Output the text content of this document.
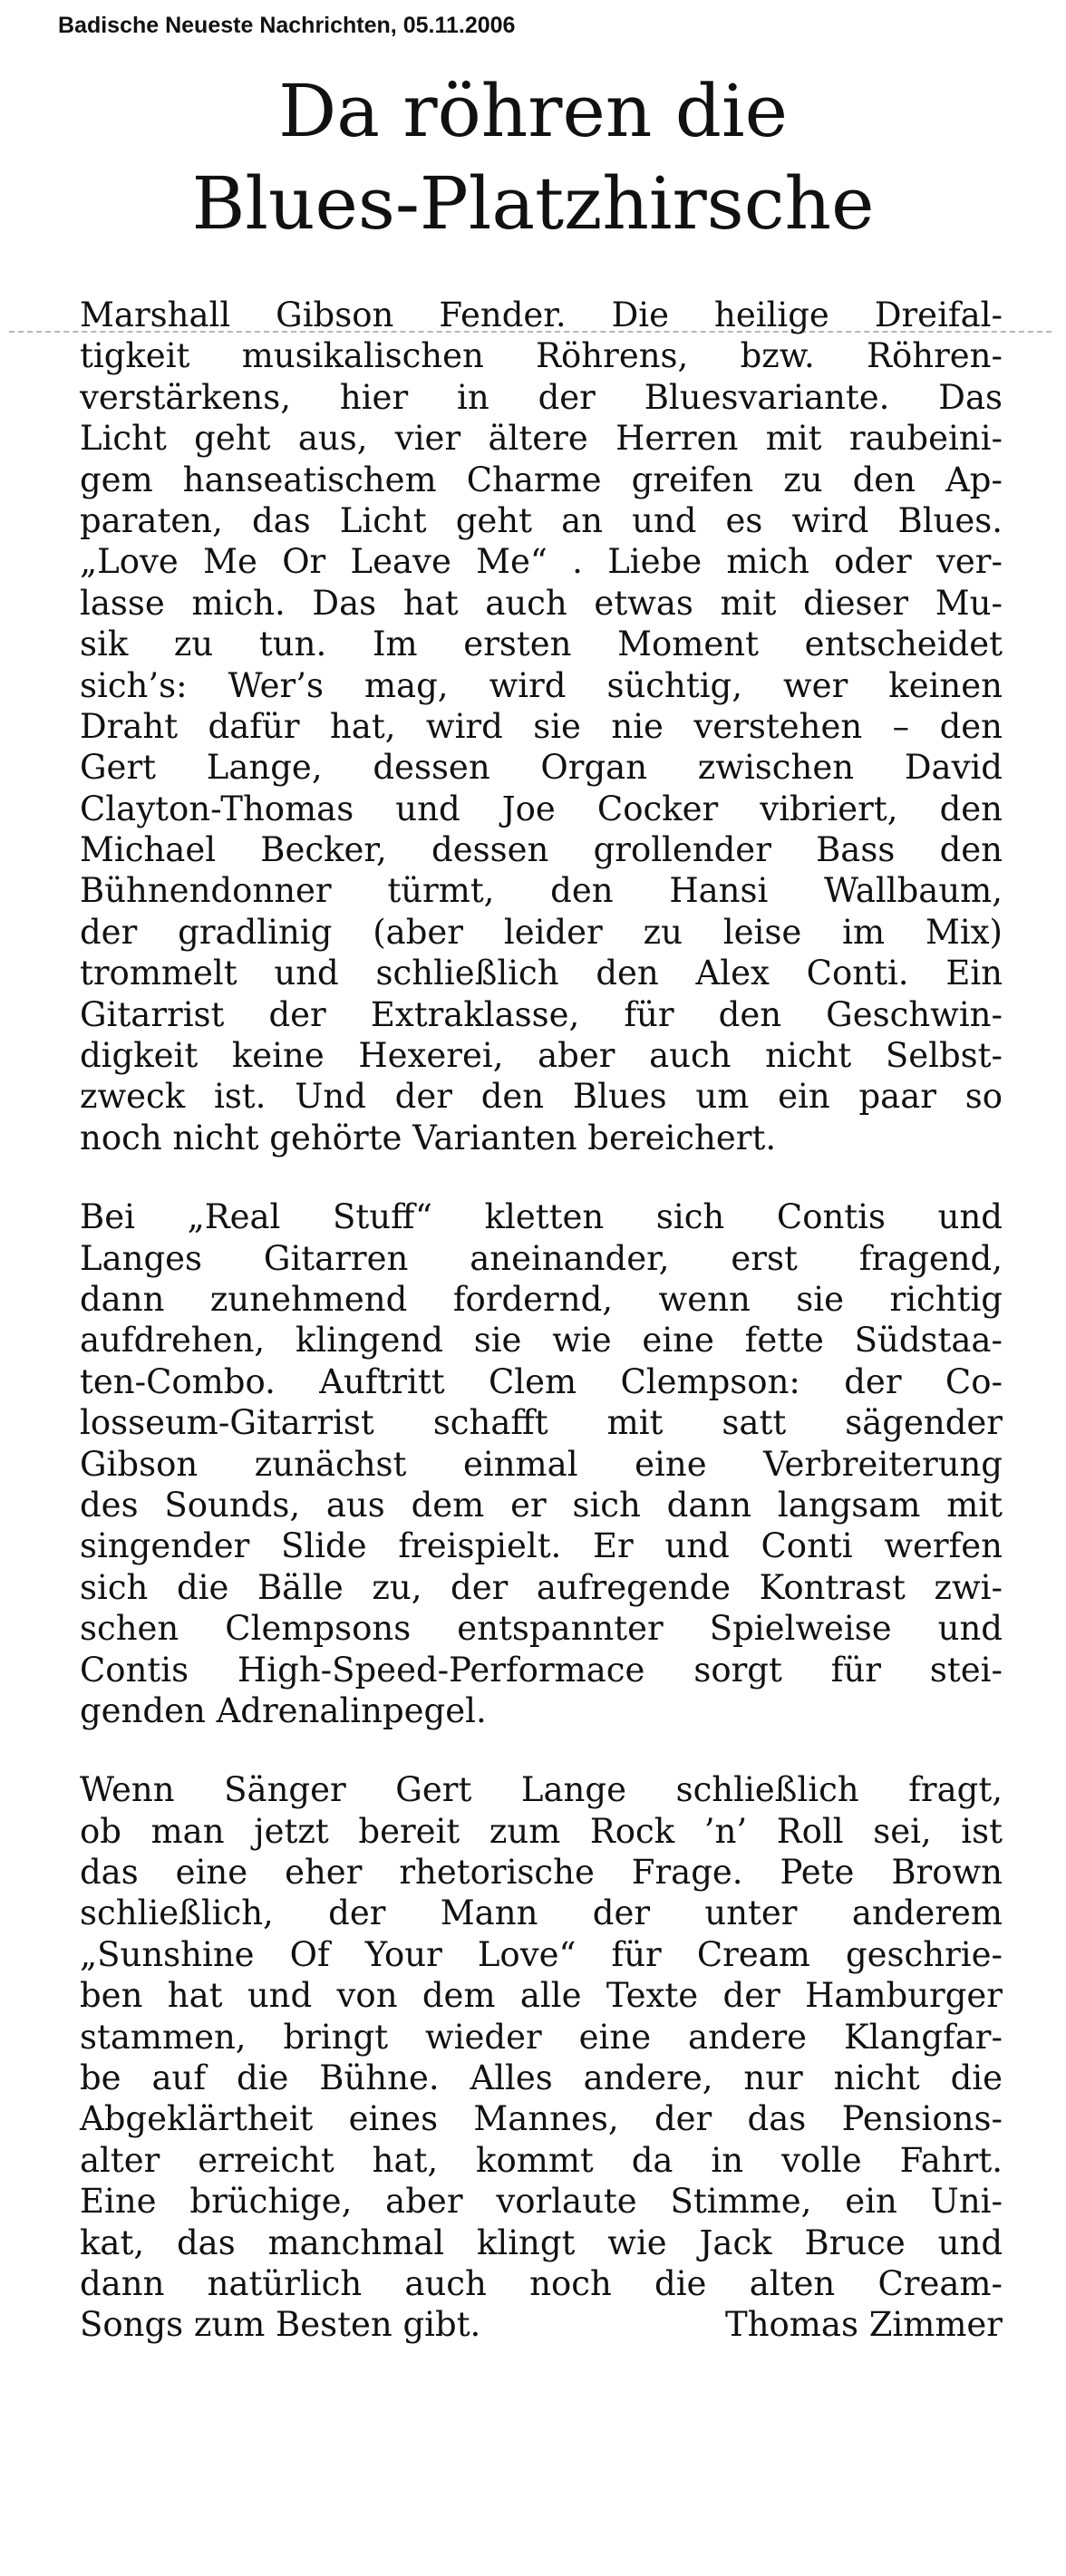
Badische Neueste Nachrichten, 05.11.2006
Da röhren die
Blues-Platzhirsche
Marshall Gibson Fender. Die heilige Dreifal-
tigkeit musikalischen Röhrens, bzw. Röhren-
verstärkens, hier in der Bluesvariante. Das
Licht geht aus, vier ältere Herren mit raubeini-
gem hanseatischem Charme greifen zu den Ap-
paraten, das Licht geht an und es wird Blues.
„Love Me Or Leave Me“ . Liebe mich oder ver-
lasse mich. Das hat auch etwas mit dieser Mu-
sik zu tun. Im ersten Moment entscheidet
sich’s: Wer’s mag, wird süchtig, wer keinen
Draht dafür hat, wird sie nie verstehen – den
Gert Lange, dessen Organ zwischen David
Clayton-Thomas und Joe Cocker vibriert, den
Michael Becker, dessen grollender Bass den
Bühnendonner türmt, den Hansi Wallbaum,
der gradlinig (aber leider zu leise im Mix)
trommelt und schließlich den Alex Conti. Ein
Gitarrist der Extraklasse, für den Geschwin-
digkeit keine Hexerei, aber auch nicht Selbst-
zweck ist. Und der den Blues um ein paar so
noch nicht gehörte Varianten bereichert.
Bei „Real Stuff“ kletten sich Contis und
Langes Gitarren aneinander, erst fragend,
dann zunehmend fordernd, wenn sie richtig
aufdrehen, klingend sie wie eine fette Südstaa-
ten-Combo. Auftritt Clem Clempson: der Co-
losseum-Gitarrist schafft mit satt sägender
Gibson zunächst einmal eine Verbreiterung
des Sounds, aus dem er sich dann langsam mit
singender Slide freispielt. Er und Conti werfen
sich die Bälle zu, der aufregende Kontrast zwi-
schen Clempsons entspannter Spielweise und
Contis High-Speed-Performace sorgt für stei-
genden Adrenalinpegel.
Wenn Sänger Gert Lange schließlich fragt,
ob man jetzt bereit zum Rock ’n’ Roll sei, ist
das eine eher rhetorische Frage. Pete Brown
schließlich, der Mann der unter anderem
„Sunshine Of Your Love“ für Cream geschrie-
ben hat und von dem alle Texte der Hamburger
stammen, bringt wieder eine andere Klangfar-
be auf die Bühne. Alles andere, nur nicht die
Abgeklärtheit eines Mannes, der das Pensions-
alter erreicht hat, kommt da in volle Fahrt.
Eine brüchige, aber vorlaute Stimme, ein Uni-
kat, das manchmal klingt wie Jack Bruce und
dann natürlich auch noch die alten Cream-
Songs zum Besten gibt.	Thomas Zimmer
